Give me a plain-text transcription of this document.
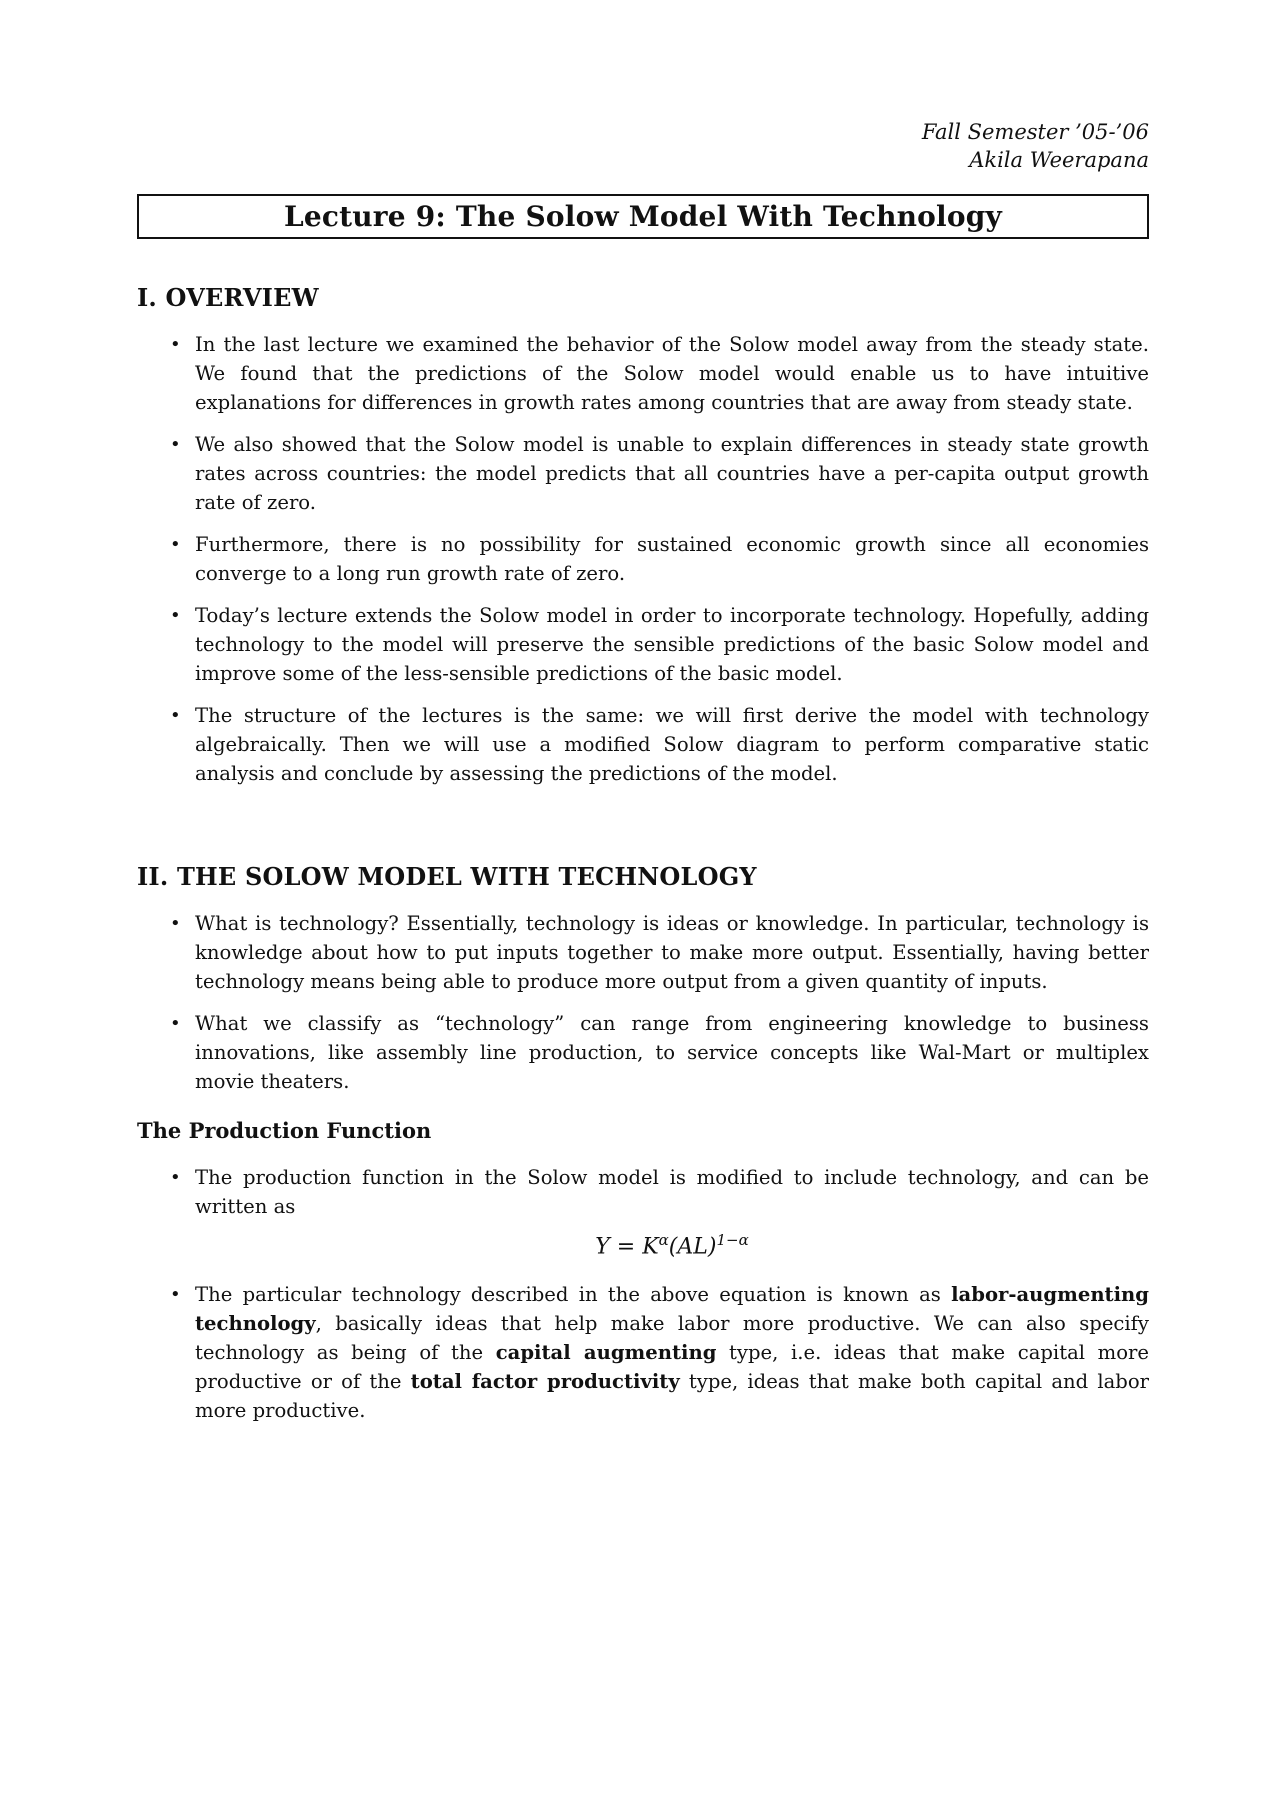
Fall Semester ’05-’06
Akila Weerapana
Lecture 9: The Solow Model With Technology
I. OVERVIEW
• In the last lecture we examined the behavior of the Solow model away from the steady state. We found that the predictions of the Solow model would enable us to have intuitive explanations for differences in growth rates among countries that are away from steady state.
• We also showed that the Solow model is unable to explain differences in steady state growth rates across countries: the model predicts that all countries have a per-capita output growth rate of zero.
• Furthermore, there is no possibility for sustained economic growth since all economies converge to a long run growth rate of zero.
• Today’s lecture extends the Solow model in order to incorporate technology. Hopefully, adding technology to the model will preserve the sensible predictions of the basic Solow model and improve some of the less-sensible predictions of the basic model.
• The structure of the lectures is the same: we will first derive the model with technology algebraically. Then we will use a modified Solow diagram to perform comparative static analysis and conclude by assessing the predictions of the model.
II. THE SOLOW MODEL WITH TECHNOLOGY
• What is technology? Essentially, technology is ideas or knowledge. In particular, technology is knowledge about how to put inputs together to make more output. Essentially, having better technology means being able to produce more output from a given quantity of inputs.
• What we classify as “technology” can range from engineering knowledge to business innovations, like assembly line production, to service concepts like Wal-Mart or multiplex movie theaters.
The Production Function
• The production function in the Solow model is modified to include technology, and can be written as
$Y = K^\alpha(AL)^{1-\alpha}$
• The particular technology described in the above equation is known as labor-augmenting technology, basically ideas that help make labor more productive. We can also specify technology as being of the capital augmenting type, i.e. ideas that make capital more productive or of the total factor productivity type, ideas that make both capital and labor more productive.
